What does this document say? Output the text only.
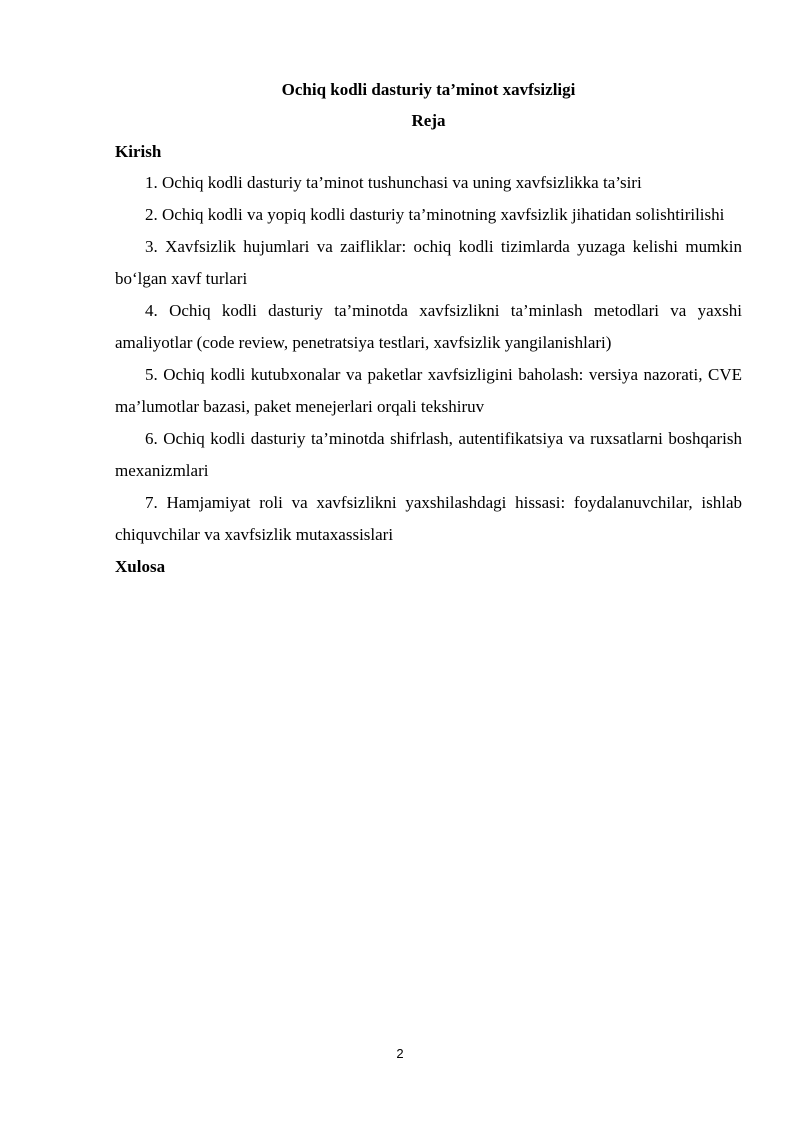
Ochiq kodli dasturiy ta’minot xavfsizligi

Reja

Kirish

1. Ochiq kodli dasturiy ta’minot tushunchasi va uning xavfsizlikka ta’siri
2. Ochiq kodli va yopiq kodli dasturiy ta’minotning xavfsizlik jihatidan solishtirilishi
3. Xavfsizlik hujumlari va zaifliklar: ochiq kodli tizimlarda yuzaga kelishi mumkin bo‘lgan xavf turlari
4. Ochiq kodli dasturiy ta’minotda xavfsizlikni ta’minlash metodlari va yaxshi amaliyotlar (code review, penetratsiya testlari, xavfsizlik yangilanishlari)
5. Ochiq kodli kutubxonalar va paketlar xavfsizligini baholash: versiya nazorati, CVE ma’lumotlar bazasi, paket menejerlari orqali tekshiruv
6. Ochiq kodli dasturiy ta’minotda shifrlash, autentifikatsiya va ruxsatlarni boshqarish mexanizmlari
7. Hamjamiyat roli va xavfsizlikni yaxshilashdagi hissasi: foydalanuvchilar, ishlab chiquvchilar va xavfsizlik mutaxassislari

Xulosa

2
